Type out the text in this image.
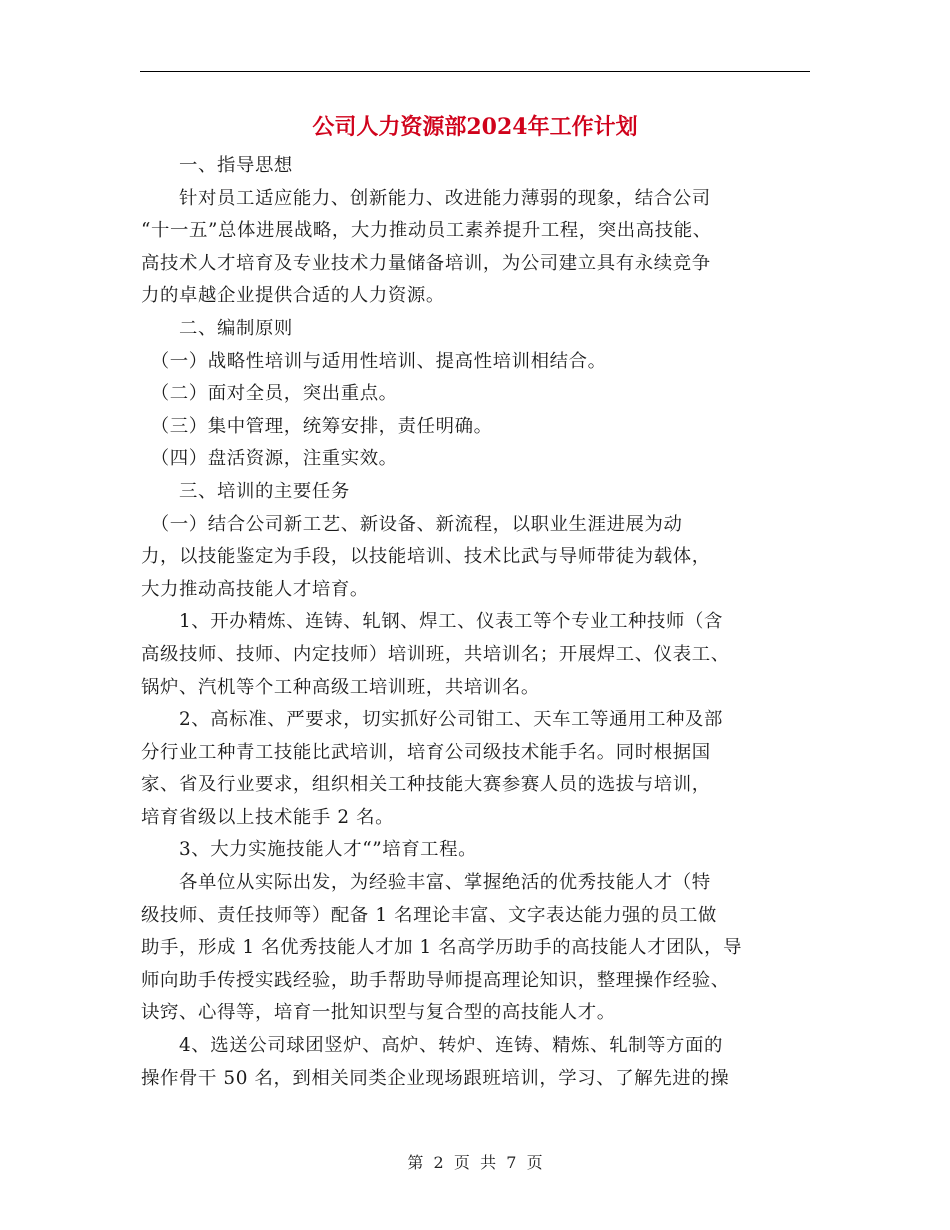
公司人力资源部2024年工作计划
　　一、指导思想
　　针对员工适应能力、创新能力、改进能力薄弱的现象，结合公司
“十一五”总体进展战略，大力推动员工素养提升工程，突出高技能、
高技术人才培育及专业技术力量储备培训，为公司建立具有永续竞争
力的卓越企业提供合适的人力资源。
　　二、编制原则
　（一）战略性培训与适用性培训、提高性培训相结合。
　（二）面对全员，突出重点。
　（三）集中管理，统筹安排，责任明确。
　（四）盘活资源，注重实效。
　　三、培训的主要任务
　（一）结合公司新工艺、新设备、新流程，以职业生涯进展为动
力，以技能鉴定为手段，以技能培训、技术比武与导师带徒为载体，
大力推动高技能人才培育。
　　1、开办精炼、连铸、轧钢、焊工、仪表工等个专业工种技师（含
高级技师、技师、内定技师）培训班，共培训名；开展焊工、仪表工、
锅炉、汽机等个工种高级工培训班，共培训名。
　　2、高标准、严要求，切实抓好公司钳工、天车工等通用工种及部
分行业工种青工技能比武培训，培育公司级技术能手名。同时根据国
家、省及行业要求，组织相关工种技能大赛参赛人员的选拔与培训，
培育省级以上技术能手 2 名。
　　3、大力实施技能人才“”培育工程。
　　各单位从实际出发，为经验丰富、掌握绝活的优秀技能人才（特
级技师、责任技师等）配备 1 名理论丰富、文字表达能力强的员工做
助手，形成 1 名优秀技能人才加 1 名高学历助手的高技能人才团队，导
师向助手传授实践经验，助手帮助导师提高理论知识，整理操作经验、
诀窍、心得等，培育一批知识型与复合型的高技能人才。
　　4、选送公司球团竖炉、高炉、转炉、连铸、精炼、轧制等方面的
操作骨干 50 名，到相关同类企业现场跟班培训，学习、了解先进的操
第  2  页  共  7  页
